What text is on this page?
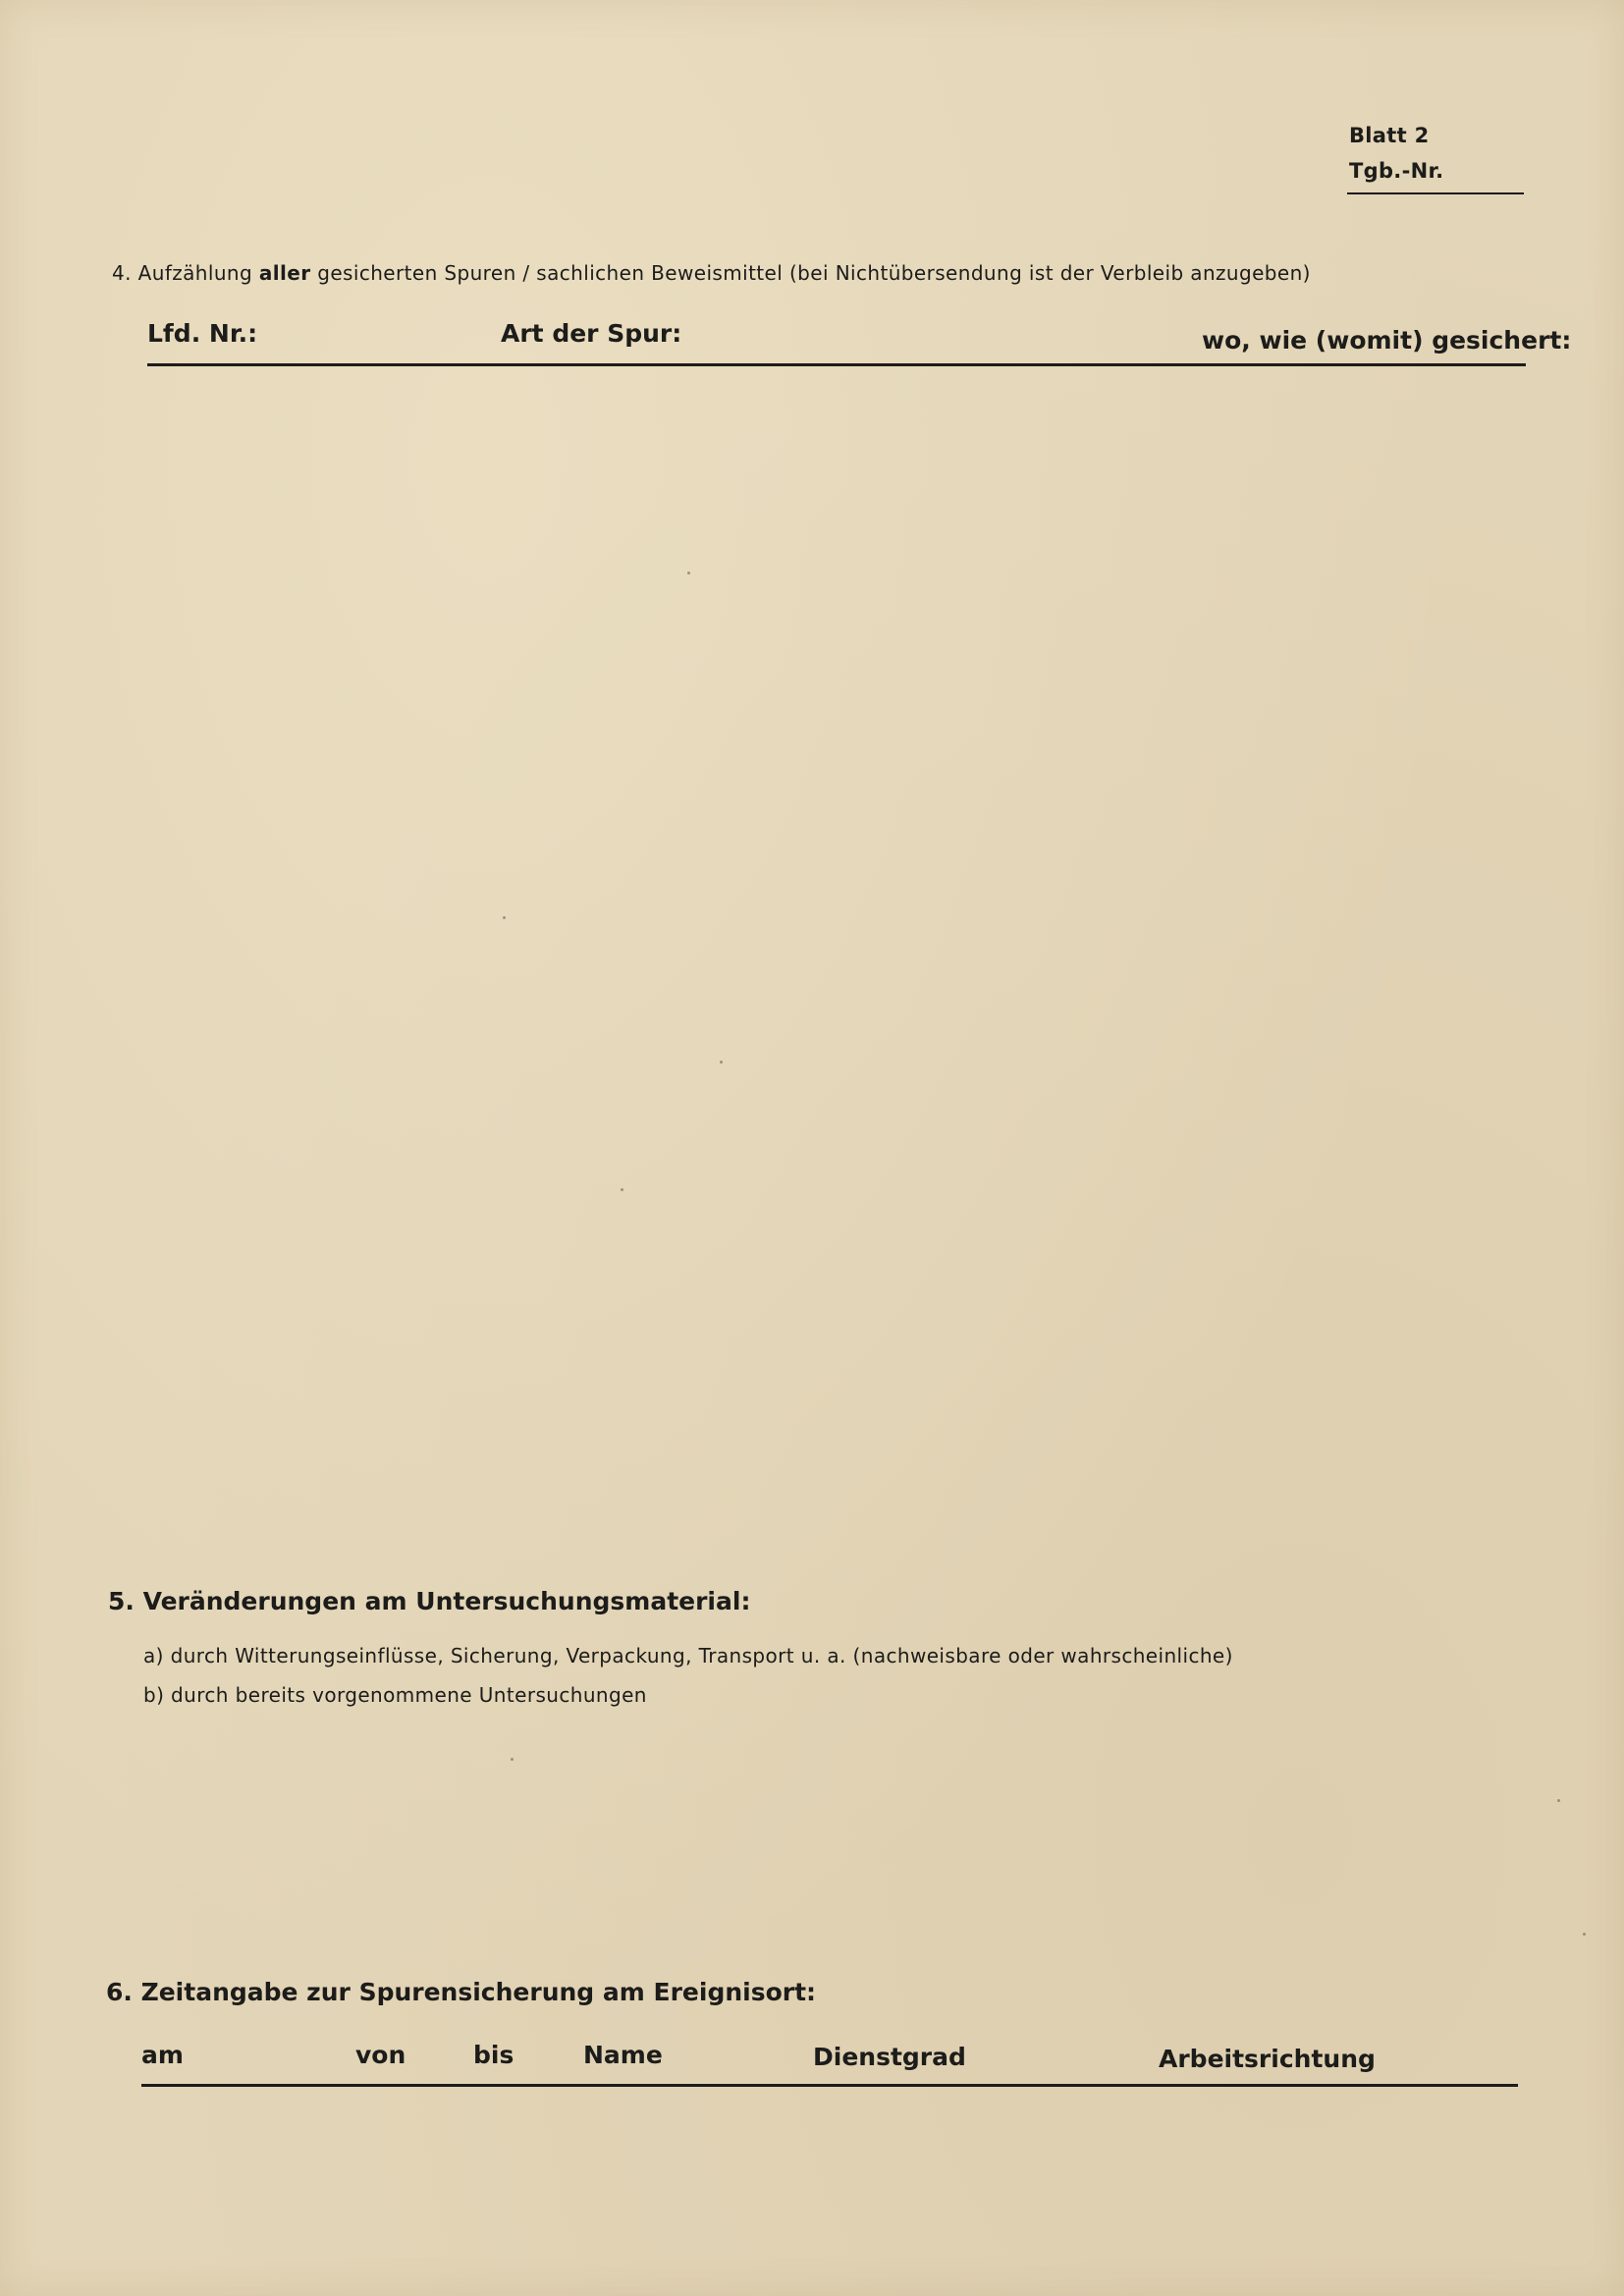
Blatt 2
Tgb.-Nr.
4. Aufzählung aller gesicherten Spuren / sachlichen Beweismittel (bei Nichtübersendung ist der Verbleib anzugeben)
Lfd. Nr.:	Art der Spur:	wo, wie (womit) gesichert:
5. Veränderungen am Untersuchungsmaterial:
a) durch Witterungseinflüsse, Sicherung, Verpackung, Transport u. a. (nachweisbare oder wahrscheinliche)
b) durch bereits vorgenommene Untersuchungen
6. Zeitangabe zur Spurensicherung am Ereignisort:
am	von	bis	Name	Dienstgrad	Arbeitsrichtung
